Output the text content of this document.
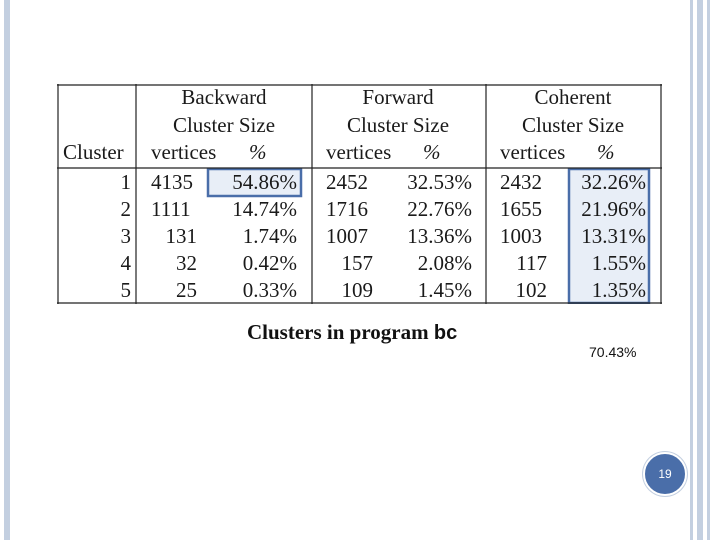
Backward
Cluster Size
Forward
Cluster Size
Coherent
Cluster Size
Cluster vertices %	vertices %	vertices %
1 4135 54.86% 2452 32.53% 2432 32.26%
2 1111 14.74% 1716 22.76% 1655 21.96%
3 131 1.74% 1007 13.36% 1003 13.31%
4 32 0.42% 157 2.08% 117 1.55%
5 25 0.33% 109 1.45% 102 1.35%
Clusters in program bc
70.43%
19
